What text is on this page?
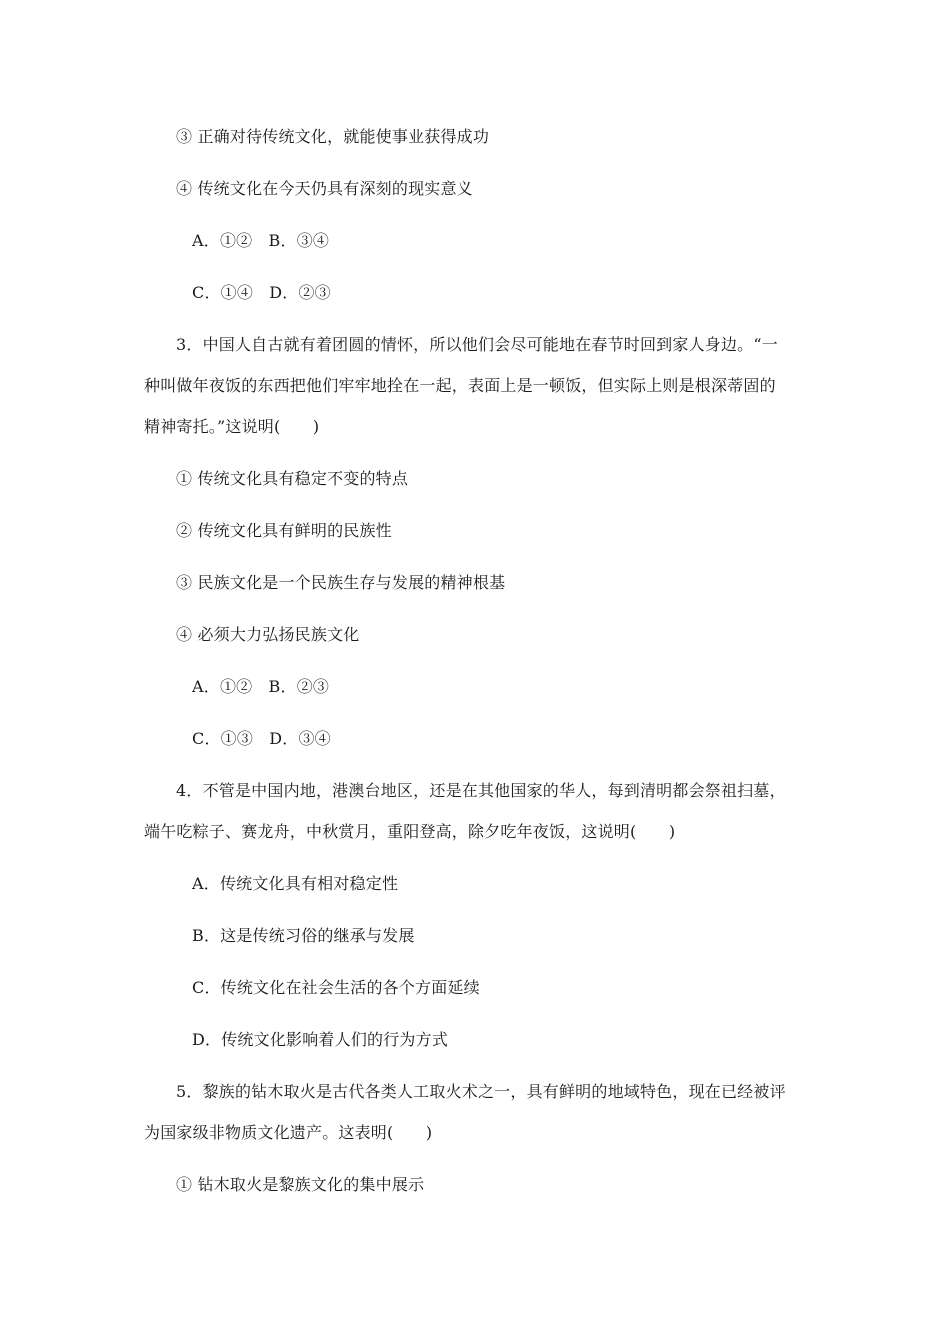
③ 正确对待传统文化，就能使事业获得成功
④ 传统文化在今天仍具有深刻的现实意义
A．①②　B．③④
C．①④　D．②③
3．中国人自古就有着团圆的情怀，所以他们会尽可能地在春节时回到家人身边。“一
种叫做年夜饭的东西把他们牢牢地拴在一起，表面上是一顿饭，但实际上则是根深蒂固的
精神寄托。”这说明(　　)
① 传统文化具有稳定不变的特点
② 传统文化具有鲜明的民族性
③ 民族文化是一个民族生存与发展的精神根基
④ 必须大力弘扬民族文化
A．①②　B．②③
C．①③　D．③④
4．不管是中国内地，港澳台地区，还是在其他国家的华人，每到清明都会祭祖扫墓，
端午吃粽子、赛龙舟，中秋赏月，重阳登高，除夕吃年夜饭，这说明(　　)
A．传统文化具有相对稳定性
B．这是传统习俗的继承与发展
C．传统文化在社会生活的各个方面延续
D．传统文化影响着人们的行为方式
5．黎族的钻木取火是古代各类人工取火术之一，具有鲜明的地域特色，现在已经被评
为国家级非物质文化遗产。这表明(　　)
① 钻木取火是黎族文化的集中展示
